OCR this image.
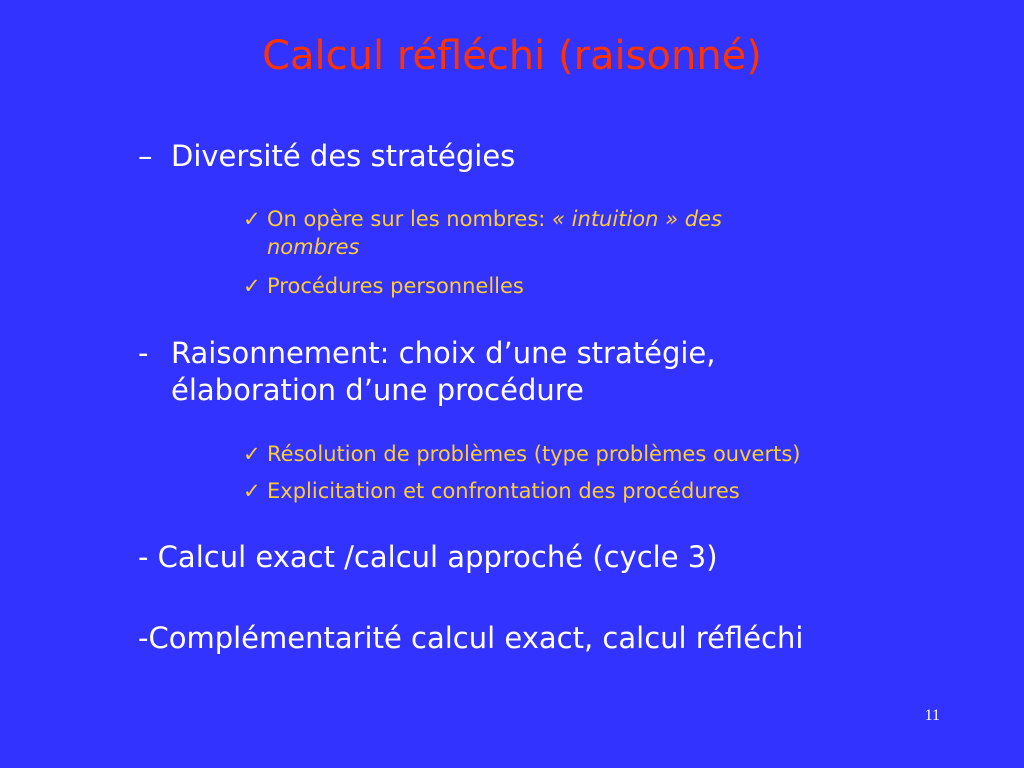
Calcul réfléchi (raisonné)
– Diversité des stratégies
✓ On opère sur les nombres: « intuition » des
nombres
✓ Procédures personnelles
- Raisonnement: choix d’une stratégie,
élaboration d’une procédure
✓ Résolution de problèmes (type problèmes ouverts)
✓ Explicitation et confrontation des procédures
- Calcul exact /calcul approché (cycle 3)
-Complémentarité calcul exact, calcul réfléchi
11
